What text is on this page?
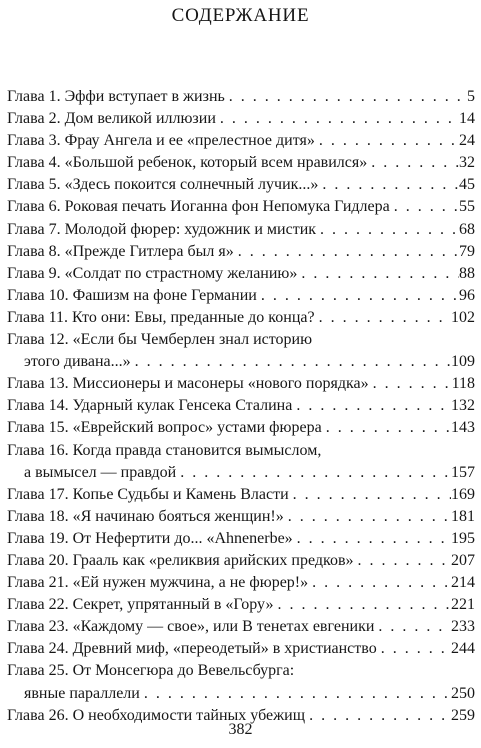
СОДЕРЖАНИЕ
Глава 1. Эффи вступает в жизнь . . .	5
Глава 2. Дом великой иллюзии . . .	14
Глава 3. Фрау Ангела и ее «прелестное дитя» . . .	24
Глава 4. «Большой ребенок, который всем нравился» . . .	32
Глава 5. «Здесь покоится солнечный лучик...» . . .	45
Глава 6. Роковая печать Иоганна фон Непомука Гидлера . . .	55
Глава 7. Молодой фюрер: художник и мистик . . .	68
Глава 8. «Прежде Гитлера был я» . . .	79
Глава 9. «Солдат по страстному желанию» . . .	88
Глава 10. Фашизм на фоне Германии . . .	96
Глава 11. Кто они: Евы, преданные до конца? . . .	102
Глава 12. «Если бы Чемберлен знал историю
этого дивана...» . . .	109
Глава 13. Миссионеры и масонеры «нового порядка» . . .	118
Глава 14. Ударный кулак Генсека Сталина . . .	132
Глава 15. «Еврейский вопрос» устами фюрера . . .	143
Глава 16. Когда правда становится вымыслом,
а вымысел — правдой . . .	157
Глава 17. Копье Судьбы и Камень Власти . . .	169
Глава 18. «Я начинаю бояться женщин!» . . .	181
Глава 19. От Нефертити до... «Ahnenerbe» . . .	195
Глава 20. Грааль как «реликвия арийских предков» . . .	207
Глава 21. «Ей нужен мужчина, а не фюрер!» . . .	214
Глава 22. Секрет, упрятанный в «Гору» . . .	221
Глава 23. «Каждому — свое», или В тенетах евгеники . . .	233
Глава 24. Древний миф, «переодетый» в христианство . . .	244
Глава 25. От Монсегюра до Вевельсбурга:
явные параллели . . .	250
Глава 26. О необходимости тайных убежищ . . .	259
382
